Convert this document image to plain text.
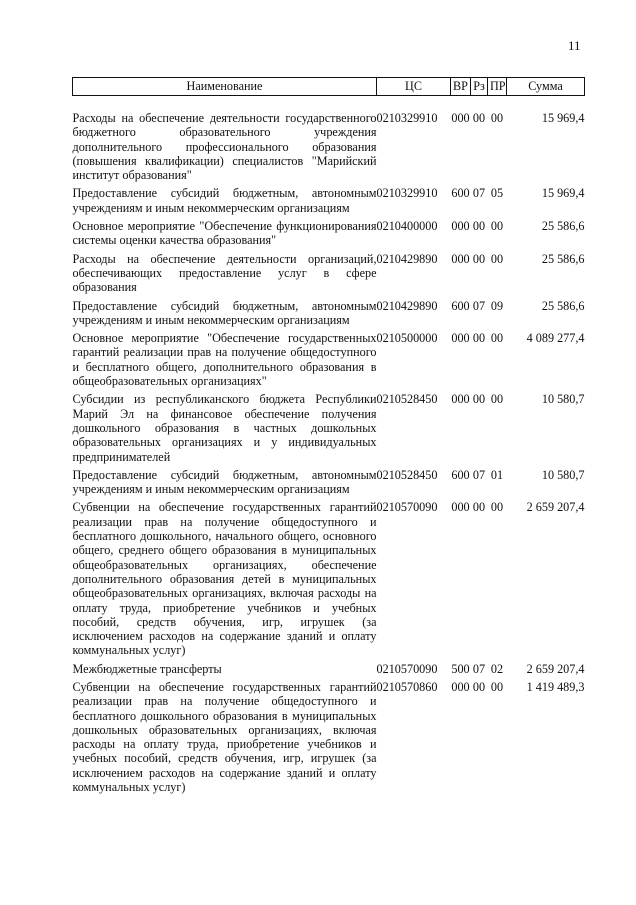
11
Наименование	ЦС	ВР	Рз	ПР	Сумма
Расходы на обеспечение деятельности государственного бюджетного образовательного учреждения дополнительного профессионального образования (повышения квалификации) специалистов "Марийский институт образования"	0210329910	000	00	00	15 969,4
Предоставление субсидий бюджетным, автономным учреждениям и иным некоммерческим организациям	0210329910	600	07	05	15 969,4
Основное мероприятие "Обеспечение функционирования системы оценки качества образования"	0210400000	000	00	00	25 586,6
Расходы на обеспечение деятельности организаций, обеспечивающих предоставление услуг в сфере образования	0210429890	000	00	00	25 586,6
Предоставление субсидий бюджетным, автономным учреждениям и иным некоммерческим организациям	0210429890	600	07	09	25 586,6
Основное мероприятие "Обеспечение государственных гарантий реализации прав на получение общедоступного и бесплатного общего, дополнительного образования в общеобразовательных организациях"	0210500000	000	00	00	4 089 277,4
Субсидии из республиканского бюджета Республики Марий Эл на финансовое обеспечение получения дошкольного образования в частных дошкольных образовательных организациях и у индивидуальных предпринимателей	0210528450	000	00	00	10 580,7
Предоставление субсидий бюджетным, автономным учреждениям и иным некоммерческим организациям	0210528450	600	07	01	10 580,7
Субвенции на обеспечение государственных гарантий реализации прав на получение общедоступного и бесплатного дошкольного, начального общего, основного общего, среднего общего образования в муниципальных общеобразовательных организациях, обеспечение дополнительного образования детей в муниципальных общеобразовательных организациях, включая расходы на оплату труда, приобретение учебников и учебных пособий, средств обучения, игр, игрушек (за исключением расходов на содержание зданий и оплату коммунальных услуг)	0210570090	000	00	00	2 659 207,4
Межбюджетные трансферты	0210570090	500	07	02	2 659 207,4
Субвенции на обеспечение государственных гарантий реализации прав на получение общедоступного и бесплатного дошкольного образования в муниципальных дошкольных образовательных организациях, включая расходы на оплату труда, приобретение учебников и учебных пособий, средств обучения, игр, игрушек (за исключением расходов на содержание зданий и оплату коммунальных услуг)	0210570860	000	00	00	1 419 489,3
